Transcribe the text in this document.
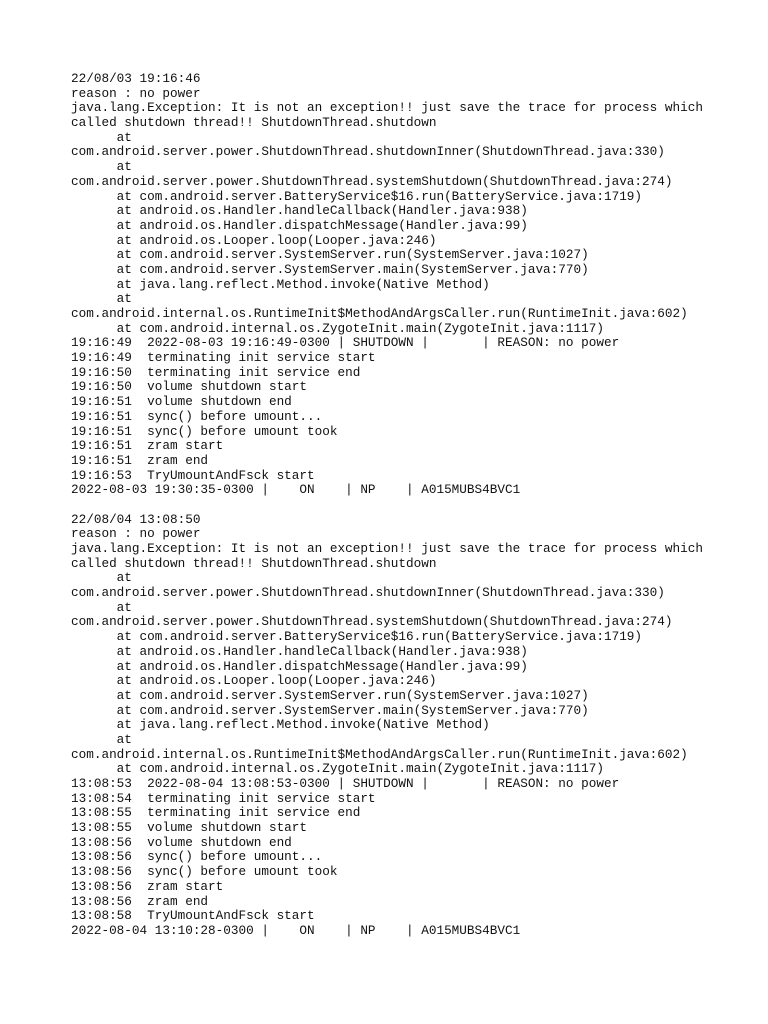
22/08/03 19:16:46
reason : no power
java.lang.Exception: It is not an exception!! just save the trace for process which
called shutdown thread!! ShutdownThread.shutdown
at
com.android.server.power.ShutdownThread.shutdownInner(ShutdownThread.java:330)
at
com.android.server.power.ShutdownThread.systemShutdown(ShutdownThread.java:274)
at com.android.server.BatteryService$16.run(BatteryService.java:1719)
at android.os.Handler.handleCallback(Handler.java:938)
at android.os.Handler.dispatchMessage(Handler.java:99)
at android.os.Looper.loop(Looper.java:246)
at com.android.server.SystemServer.run(SystemServer.java:1027)
at com.android.server.SystemServer.main(SystemServer.java:770)
at java.lang.reflect.Method.invoke(Native Method)
at
com.android.internal.os.RuntimeInit$MethodAndArgsCaller.run(RuntimeInit.java:602)
at com.android.internal.os.ZygoteInit.main(ZygoteInit.java:1117)
19:16:49  2022-08-03 19:16:49-0300 | SHUTDOWN |       | REASON: no power
19:16:49  terminating init service start
19:16:50  terminating init service end
19:16:50  volume shutdown start
19:16:51  volume shutdown end
19:16:51  sync() before umount...
19:16:51  sync() before umount took
19:16:51  zram start
19:16:51  zram end
19:16:53  TryUmountAndFsck start
2022-08-03 19:30:35-0300 |    ON    | NP    | A015MUBS4BVC1
22/08/04 13:08:50
reason : no power
java.lang.Exception: It is not an exception!! just save the trace for process which
called shutdown thread!! ShutdownThread.shutdown
at
com.android.server.power.ShutdownThread.shutdownInner(ShutdownThread.java:330)
at
com.android.server.power.ShutdownThread.systemShutdown(ShutdownThread.java:274)
at com.android.server.BatteryService$16.run(BatteryService.java:1719)
at android.os.Handler.handleCallback(Handler.java:938)
at android.os.Handler.dispatchMessage(Handler.java:99)
at android.os.Looper.loop(Looper.java:246)
at com.android.server.SystemServer.run(SystemServer.java:1027)
at com.android.server.SystemServer.main(SystemServer.java:770)
at java.lang.reflect.Method.invoke(Native Method)
at
com.android.internal.os.RuntimeInit$MethodAndArgsCaller.run(RuntimeInit.java:602)
at com.android.internal.os.ZygoteInit.main(ZygoteInit.java:1117)
13:08:53  2022-08-04 13:08:53-0300 | SHUTDOWN |       | REASON: no power
13:08:54  terminating init service start
13:08:55  terminating init service end
13:08:55  volume shutdown start
13:08:56  volume shutdown end
13:08:56  sync() before umount...
13:08:56  sync() before umount took
13:08:56  zram start
13:08:56  zram end
13:08:58  TryUmountAndFsck start
2022-08-04 13:10:28-0300 |    ON    | NP    | A015MUBS4BVC1
